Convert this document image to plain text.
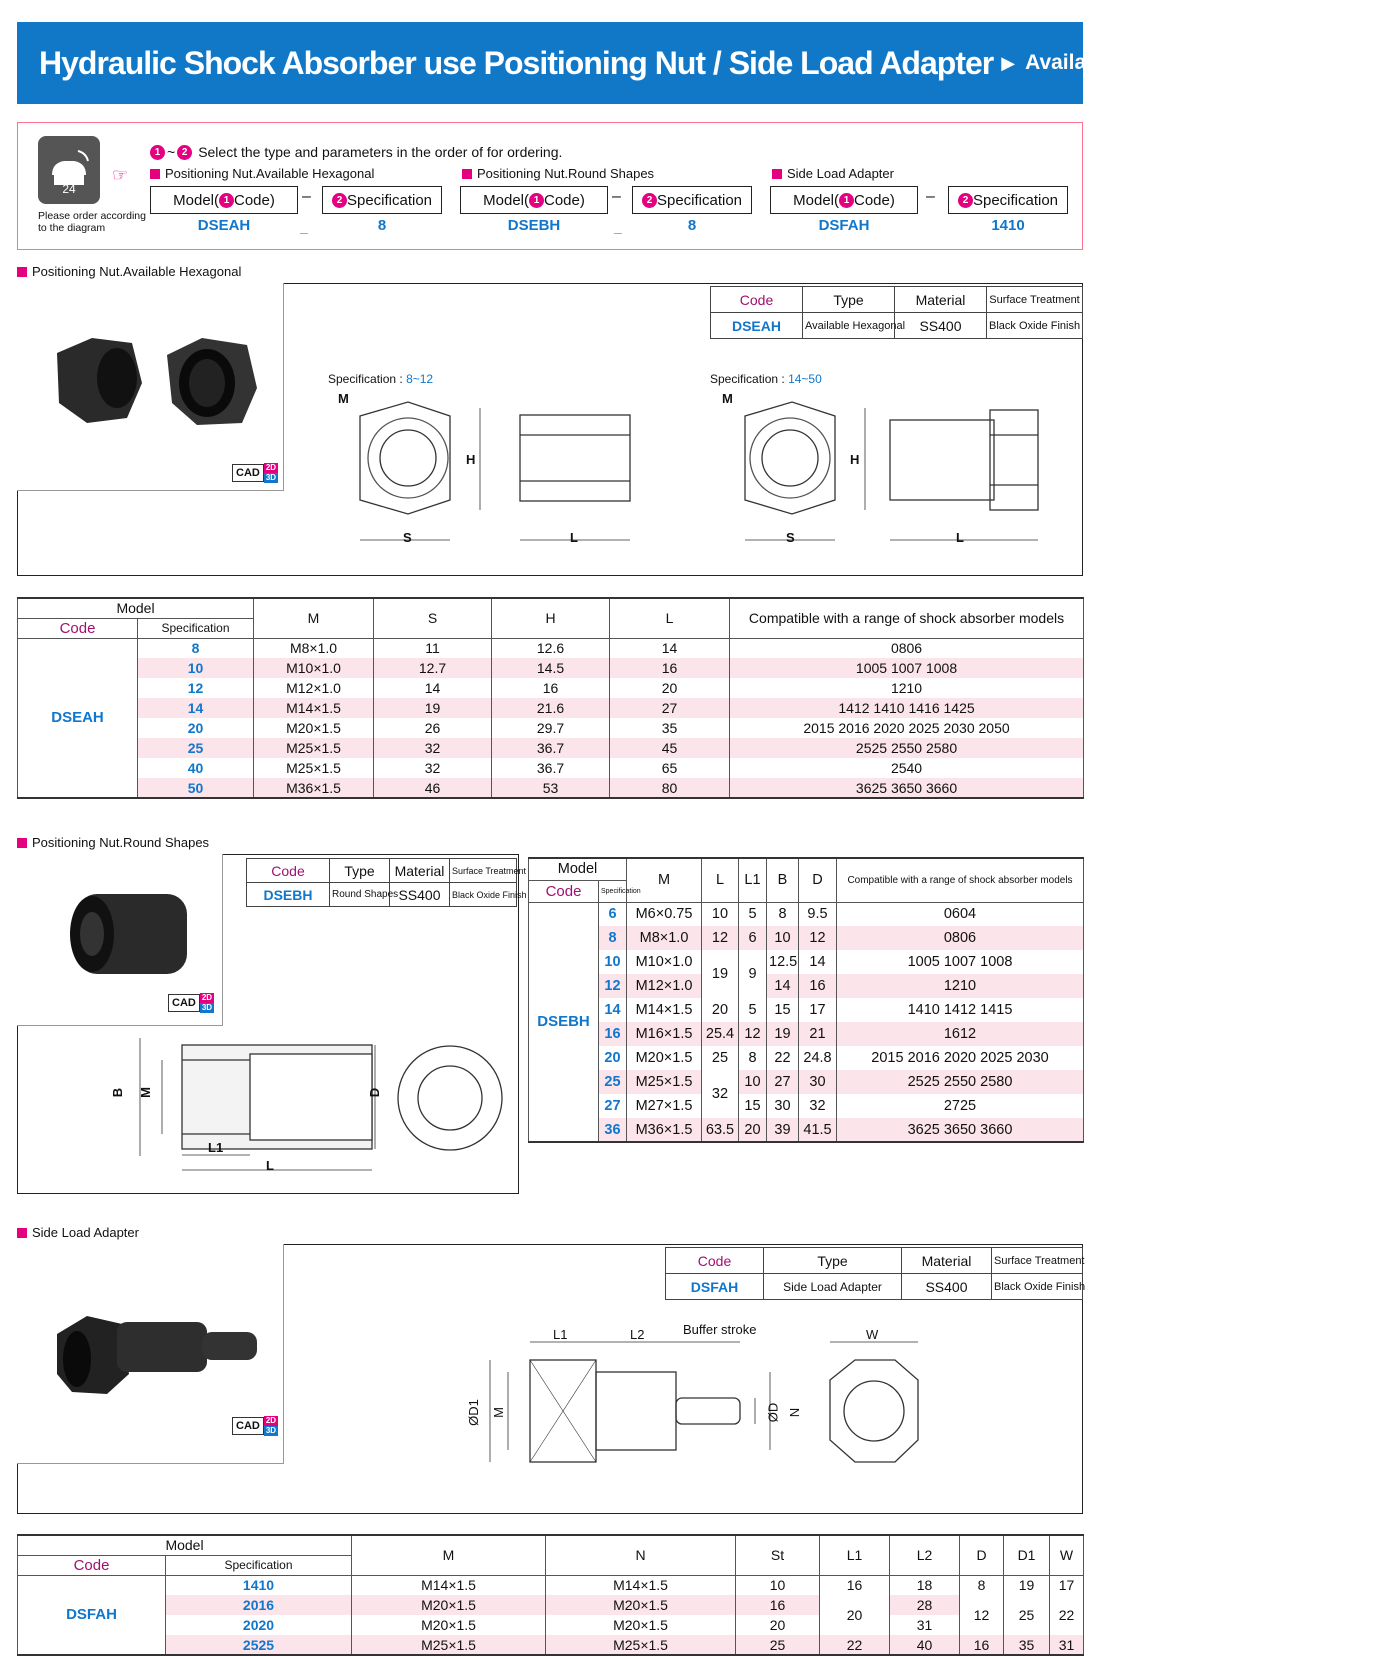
Hydraulic Shock Absorber use Positioning Nut / Side Load Adapter ▶ Available Hexagonal / Round Shapes
24
Please order according to the diagram
☞
1 ~ 2 Select the type and parameters in the order of for ordering.
Positioning Nut.Available Hexagonal
Model( 1 Code) –	2 Specification
DSEAH	_	8
Positioning Nut.Round Shapes
Model( 1 Code) –	2 Specification
DSEBH	_	8
Side Load Adapter
Model( 1 Code) –	2 Specification
DSFAH	1410
Positioning Nut.Available Hexagonal
CAD 2D
3D
Code	Type	Material	Surface Treatment
DSEAH	Available Hexagonal	SS400	Black Oxide Finish
Specification : 8~12	Specification : 14~50
M
H
S	L
M
H
S	L
Model		M	S	H	L	Compatible with a range of shock absorber models
Code	Specification					
DSEAH	8	M8×1.0	11	12.6	14	0806
	10	M10×1.0	12.7	14.5	16	1005 1007 1008
	12	M12×1.0	14	16	20	1210
	14	M14×1.5	19	21.6	27	1412 1410 1416 1425
	20	M20×1.5	26	29.7	35	2015 2016 2020 2025 2030 2050
	25	M25×1.5	32	36.7	45	2525 2550 2580
	40	M25×1.5	32	36.7	65	2540
	50	M36×1.5	46	53	80	3625 3650 3660
Positioning Nut.Round Shapes
CAD 2D
3D
Code	Type	Material	Surface Treatment
DSEBH	Round Shapes	SS400	Black Oxide Finish
B M	D
L1
L
Model		M	L	L1	B	D	Compatible with a range of shock absorber models
Code	Specification						
DSEBH	6	M6×0.75	10	5	8	9.5	0604
	8	M8×1.0	12	6	10	12	0806
	10	M10×1.0	19	9	12.5	14	1005 1007 1008
	12	M12×1.0			14	16	1210
	14	M14×1.5	20	5	15	17	1410 1412 1415
	16	M16×1.5	25.4	12	19	21	1612
	20	M20×1.5	25	8	22	24.8	2015 2016 2020 2025 2030
	25	M25×1.5	32	10	27	30	2525 2550 2580
	27	M27×1.5		15	30	32	2725
	36	M36×1.5	63.5	20	39	41.5	3625 3650 3660
Side Load Adapter
CAD 2D
3D
Code	Type	Material	Surface Treatment
DSFAH	Side Load Adapter	SS400	Black Oxide Finish
L1	L2	Buffer stroke	W
ØD1 M	ØD N
Model		M	N	St	L1	L2	D	D1	W
Code	Specification								
DSFAH	1410	M14×1.5	M14×1.5	10	16	18	8	19	17
	2016	M20×1.5	M20×1.5	16	20	28	12	25	22
	2020	M20×1.5	M20×1.5	20		31			
	2525	M25×1.5	M25×1.5	25	22	40	16	35	31
